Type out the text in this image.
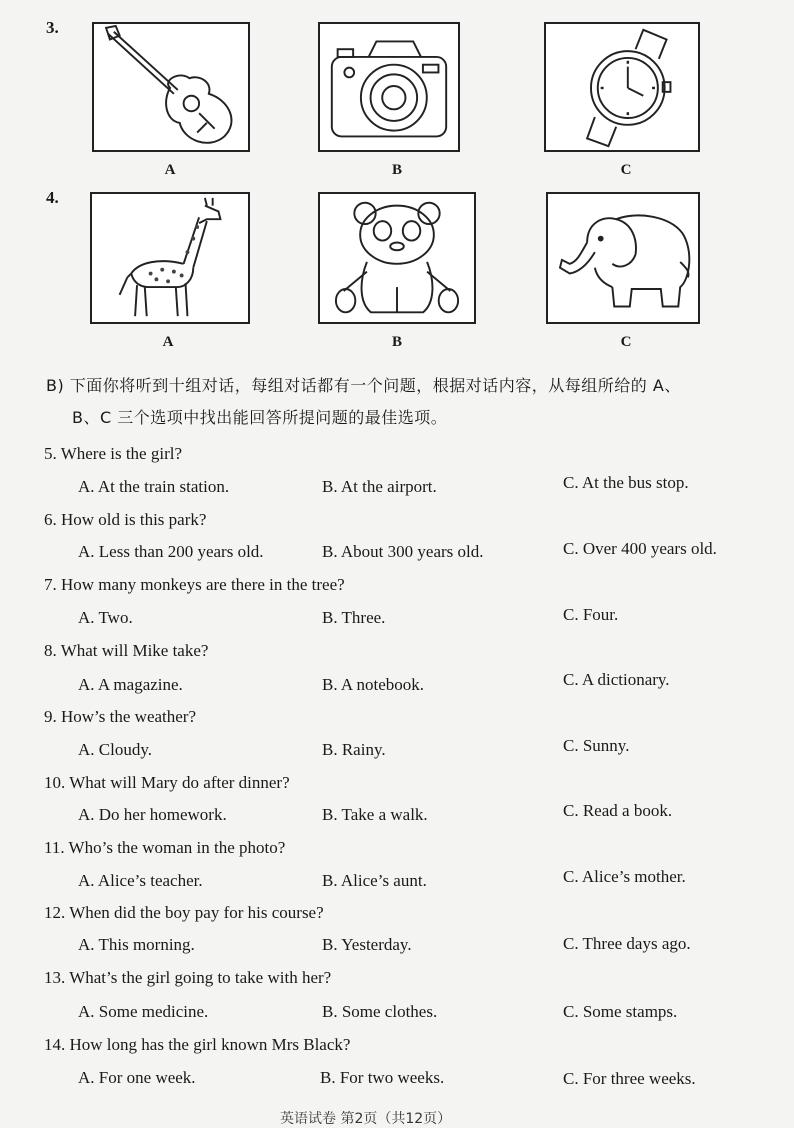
3.
A	B	C
4.
A	B	C
B) 下面你将听到十组对话，每组对话都有一个问题，根据对话内容，从每组所给的 A、
B、C 三个选项中找出能回答所提问题的最佳选项。
5. Where is the girl?
A. At the train station.	B. At the airport.	C. At the bus stop.
6. How old is this park?
A. Less than 200 years old.	B. About 300 years old.	C. Over 400 years old.
7. How many monkeys are there in the tree?
A. Two.	B. Three.	C. Four.
8. What will Mike take?
A. A magazine.	B. A notebook.	C. A dictionary.
9. How’s the weather?
A. Cloudy.	B. Rainy.	C. Sunny.
10. What will Mary do after dinner?
A. Do her homework.	B. Take a walk.	C. Read a book.
11. Who’s the woman in the photo?
A. Alice’s teacher.	B. Alice’s aunt.	C. Alice’s mother.
12. When did the boy pay for his course?
A. This morning.	B. Yesterday.	C. Three days ago.
13. What’s the girl going to take with her?
A. Some medicine.	B. Some clothes.	C. Some stamps.
14. How long has the girl known Mrs Black?
A. For one week.	B. For two weeks.	C. For three weeks.
英语试卷 第2页（共12页）
